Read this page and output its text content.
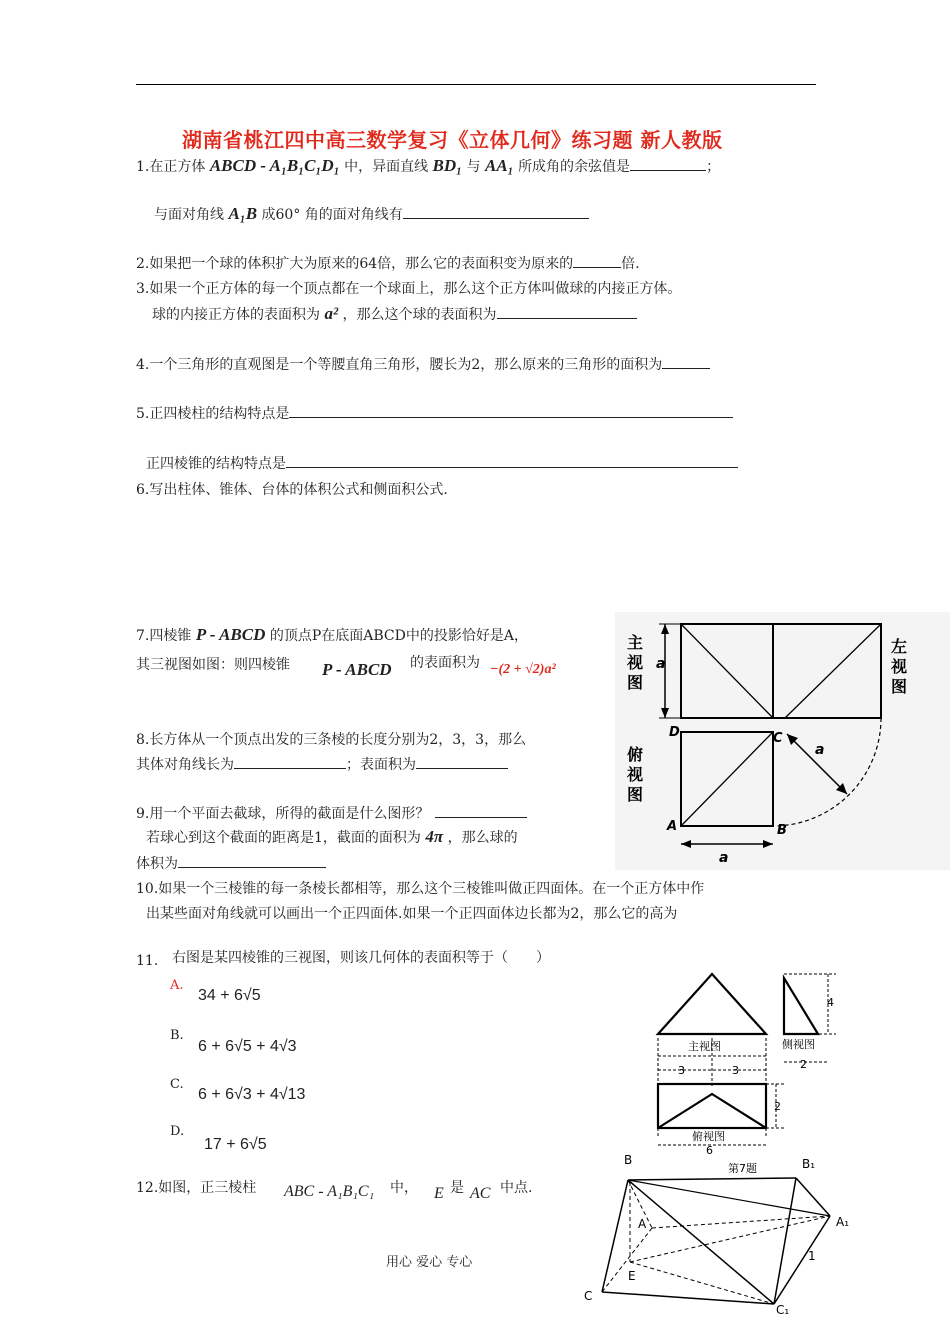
湖南省桃江四中高三数学复习《立体几何》练习题 新人教版
1.在正方体 ABCD - A₁B₁C₁D₁ 中，异面直线 BD₁ 与 AA₁ 所成角的余弦值是	；
与面对角线 A₁B 成60° 角的面对角线有
2.如果把一个球的体积扩大为原来的64倍，那么它的表面积变为原来的	倍.
3.如果一个正方体的每一个顶点都在一个球面上，那么这个正方体叫做球的内接正方体。
球的内接正方体的表面积为 a² ，那么这个球的表面积为
4.一个三角形的直观图是一个等腰直角三角形，腰长为2，那么原来的三角形的面积为
5.正四棱柱的结构特点是
正四棱锥的结构特点是
6.写出柱体、锥体、台体的体积公式和侧面积公式.
7.四棱锥 P - ABCD 的顶点P在底面ABCD中的投影恰好是A，
其三视图如图：则四棱锥 P - ABCD 的表面积为 −(2 + √2)a²
8.长方体从一个顶点出发的三条棱的长度分别为2，3，3，那么
其体对角线长为	；表面积为
9.用一个平面去截球，所得的截面是什么图形？
若球心到这个截面的距离是1，截面的面积为 4π ，那么球的
体积为
10.如果一个三棱锥的每一条棱长都相等，那么这个三棱锥叫做正四面体。在一个正方体中作
出某些面对角线就可以画出一个正四面体.如果一个正四面体边长都为2，那么它的高为
11. 右图是某四棱锥的三视图，则该几何体的表面积等于（　　）
A.
34 + 6√5
B.
6 + 6√5 + 4√3
C.
6 + 6√3 + 4√13
D.
17 + 6√5
12.如图，正三棱柱 ABC - A₁B₁C₁ 中， E 是 AC 中点.
用心 爱心 专心
a
主
视
图
左
视
图
俯
视
图
D	C
A	B
a
a
主视图
4
侧视图
2
3	3
2
俯视图
6
B	B₁
第7题
A	A₁
E
C
C₁
1
